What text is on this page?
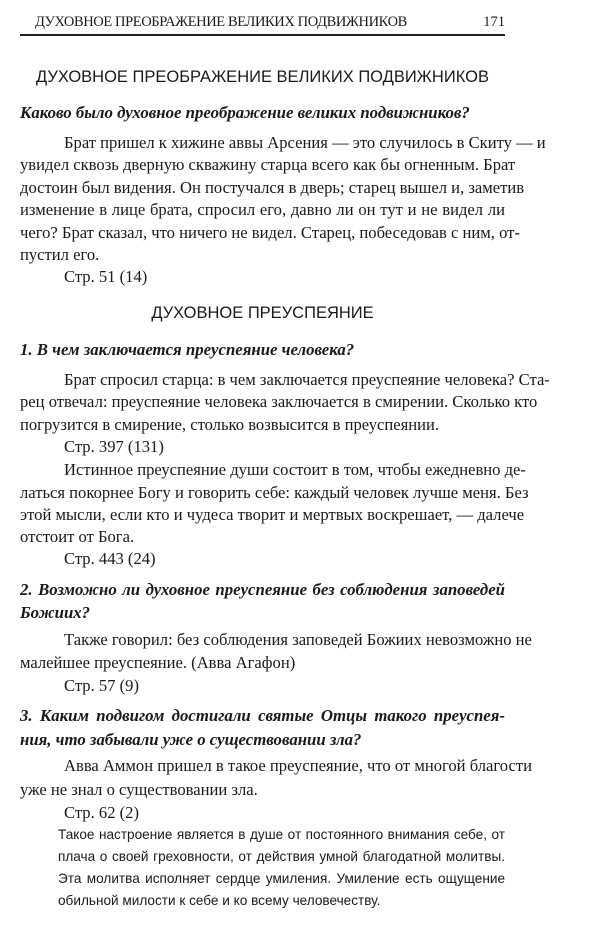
ДУХОВНОЕ ПРЕОБРАЖЕНИЕ ВЕЛИКИХ ПОДВИЖНИКОВ	171
ДУХОВНОЕ ПРЕОБРАЖЕНИЕ ВЕЛИКИХ ПОДВИЖНИКОВ
Каково было духовное преображение великих подвижников?
Брат пришел к хижине аввы Арсения — это случилось в Скиту — и
увидел сквозь дверную скважину старца всего как бы огненным. Брат
достоин был видения. Он постучался в дверь; старец вышел и, заметив
изменение в лице брата, спросил его, давно ли он тут и не видел ли
чего? Брат сказал, что ничего не видел. Старец, побеседовав с ним, от-
пустил его.
Стр. 51 (14)
ДУХОВНОЕ ПРЕУСПЕЯНИЕ
1. В чем заключается преуспеяние человека?
Брат спросил старца: в чем заключается преуспеяние человека? Ста-
рец отвечал: преуспеяние человека заключается в смирении. Сколько кто
погрузится в смирение, столько возвысится в преуспеянии.
Стр. 397 (131)
Истинное преуспеяние души состоит в том, чтобы ежедневно де-
латься покорнее Богу и говорить себе: каждый человек лучше меня. Без
этой мысли, если кто и чудеса творит и мертвых воскрешает, — далече
отстоит от Бога.
Стр. 443 (24)
2. Возможно ли духовное преуспеяние без соблюдения заповедей
Божиих?
Также говорил: без соблюдения заповедей Божиих невозможно не
малейшее преуспеяние. (Авва Агафон)
Стр. 57 (9)
3. Каким подвигом достигали святые Отцы такого преуспея-
ния, что забывали уже о существовании зла?
Авва Аммон пришел в такое преуспеяние, что от многой благости
уже не знал о существовании зла.
Стр. 62 (2)
Такое настроение является в душе от постоянного внимания себе, от
плача о своей греховности, от действия умной благодатной молитвы.
Эта молитва исполняет сердце умиления. Умиление есть ощущение
обильной милости к себе и ко всему человечеству.
